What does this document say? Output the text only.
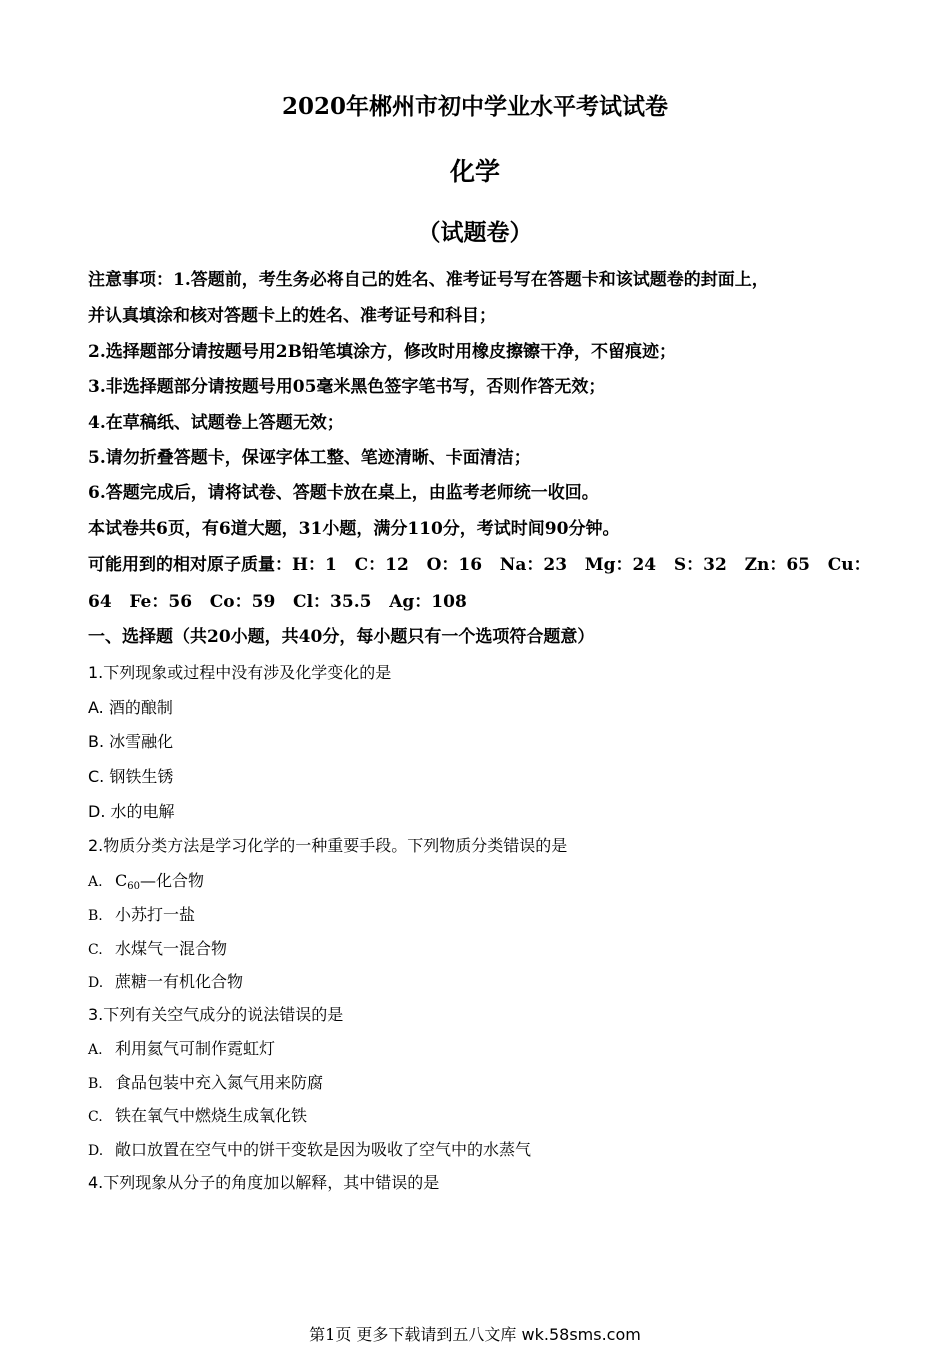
2020年郴州市初中学业水平考试试卷
化学
（试题卷）
注意事项：1.答题前，考生务必将自己的姓名、准考证号写在答题卡和该试题卷的封面上，
并认真填涂和核对答题卡上的姓名、准考证号和科目；
2.选择题部分请按题号用2B铅笔填涂方，修改时用橡皮擦镲干净，不留痕迹；
3.非选择题部分请按题号用05毫米黑色签字笔书写，否则作答无效；
4.在草稿纸、试题卷上答题无效；
5.请勿折叠答题卡，保诬字体工整、笔迹清晰、卡面清洁；
6.答题完成后，请将试卷、答题卡放在桌上，由监考老师统一收回。
本试卷共6页，有6道大题，31小题，满分110分，考试时间90分钟。
可能用到的相对原子质量：H：1   C：12   O：16   Na：23   Mg：24   S：32   Zn：65   Cu：
64   Fe：56   Co：59   Cl：35.5   Ag：108
一、选择题（共20小题，共40分，每小题只有一个选项符合题意）
1.下列现象或过程中没有涉及化学变化的是
A. 酒的酿制
B. 冰雪融化
C. 钢铁生锈
D. 水的电解
2.物质分类方法是学习化学的一种重要手段。下列物质分类错误的是
A. $C_{60}—$化合物
B. 小苏打一盐
C. 水煤气一混合物
D. 蔗糖一有机化合物
3.下列有关空气成分的说法错误的是
A. 利用氦气可制作霓虹灯
B. 食品包装中充入氮气用来防腐
C. 铁在氧气中燃烧生成氧化铁
D. 敞口放置在空气中的饼干变软是因为吸收了空气中的水蒸气
4.下列现象从分子的角度加以解释，其中错误的是
第1页 更多下载请到五八文库 wk.58sms.com
